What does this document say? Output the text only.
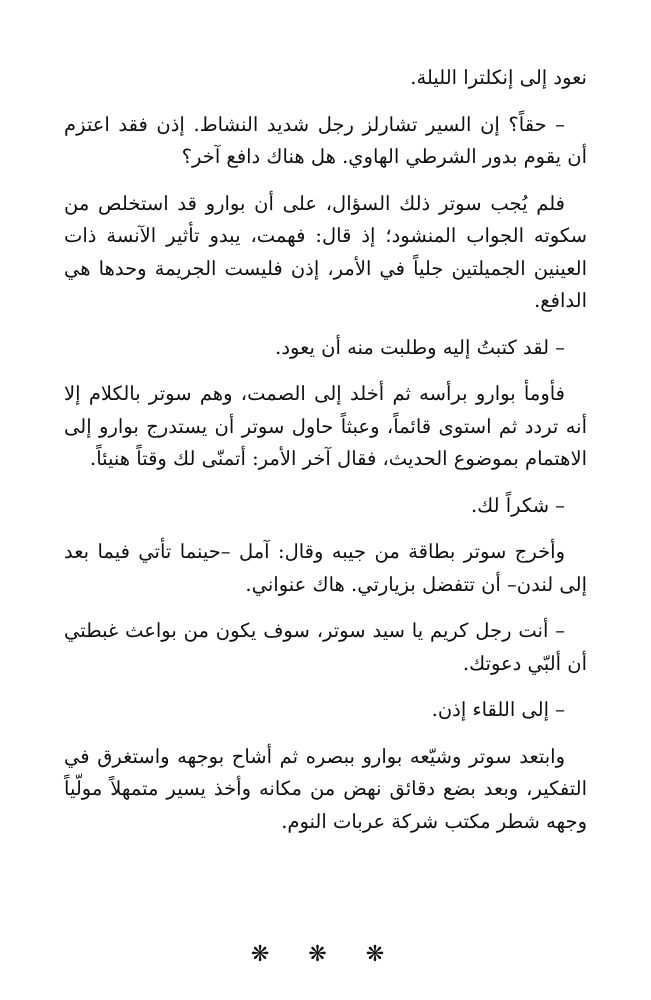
نعود إلى إنكلترا الليلة.

– حقاً؟ إن السير تشارلز رجل شديد النشاط. إذن فقد اعتزم أن يقوم بدور الشرطي الهاوي. هل هناك دافع آخر؟

فلم يُجب سوتر ذلك السؤال، على أن بوارو قد استخلص من سكوته الجواب المنشود؛ إذ قال: فهمت، يبدو تأثير الآنسة ذات العينين الجميلتين جلياً في الأمر، إذن فليست الجريمة وحدها هي الدافع.

– لقد كتبتُ إليه وطلبت منه أن يعود.

فأومأ بوارو برأسه ثم أخلد إلى الصمت، وهم سوتر بالكلام إلا أنه تردد ثم استوى قائماً، وعبثاً حاول سوتر أن يستدرج بوارو إلى الاهتمام بموضوع الحديث، فقال آخر الأمر: أتمنّى لك وقتاً هنيئاً.

– شكراً لك.

وأخرج سوتر بطاقة من جيبه وقال: آمل –حينما تأتي فيما بعد إلى لندن– أن تتفضل بزيارتي. هاك عنواني.

– أنت رجل كريم يا سيد سوتر، سوف يكون من بواعث غبطتي أن ألبّي دعوتك.

– إلى اللقاء إذن.

وابتعد سوتر وشيّعه بوارو ببصره ثم أشاح بوجهه واستغرق في التفكير، وبعد بضع دقائق نهض من مكانه وأخذ يسير متمهلاً مولّياً وجهه شطر مكتب شركة عربات النوم.

❋ ❋ ❋
